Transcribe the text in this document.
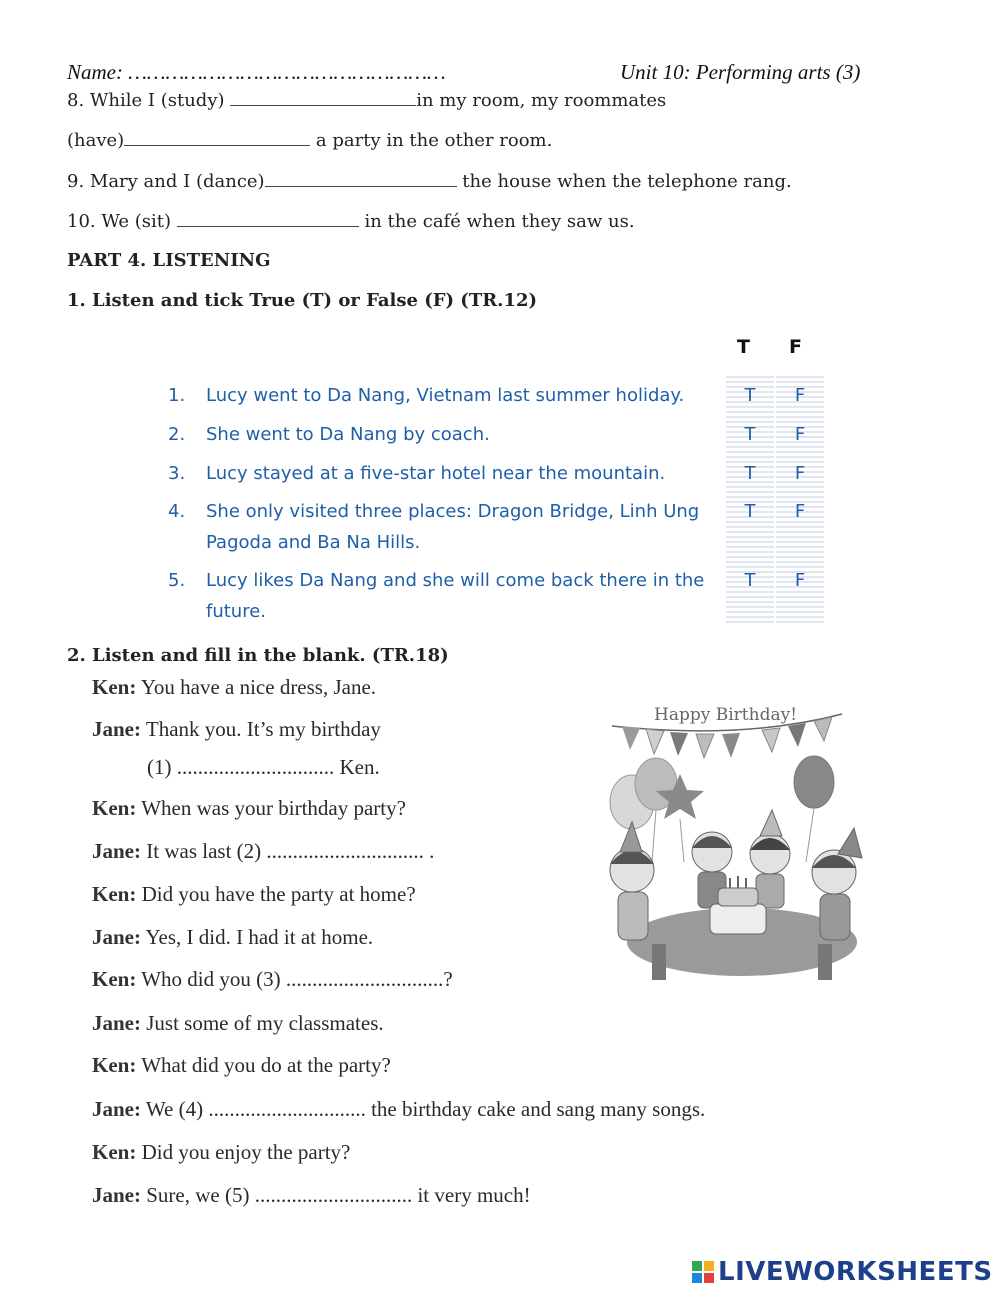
Name: ……………………………………………	Unit 10: Performing arts (3)
8. While I (study)	in my room, my roommates
(have)	a party in the other room.
9. Mary and I (dance)	the house when the telephone rang.
10. We (sit)	in the café when they saw us.
PART 4. LISTENING
1. Listen and tick True (T) or False (F) (TR.12)
T F
1. Lucy went to Da Nang, Vietnam last summer holiday.	T	F
2. She went to Da Nang by coach.	T	F
3. Lucy stayed at a five-star hotel near the mountain.	T	F
4. She only visited three places: Dragon Bridge, Linh Ung
Pagoda and Ba Na Hills.
T	F
5. Lucy likes Da Nang and she will come back there in the
future.
T	F
2. Listen and fill in the blank. (TR.18)
Ken: You have a nice dress, Jane.
Jane: Thank you. It’s my birthday
(1) .............................. Ken.
Ken: When was your birthday party?
Jane: It was last (2) .............................. .
Ken: Did you have the party at home?
Jane: Yes, I did. I had it at home.
Ken: Who did you (3) ..............................?
Jane: Just some of my classmates.
Ken: What did you do at the party?
Jane: We (4) .............................. the birthday cake and sang many songs.
Ken: Did you enjoy the party?
Jane: Sure, we (5) .............................. it very much!
Happy Birthday!
LIVEWORKSHEETS
